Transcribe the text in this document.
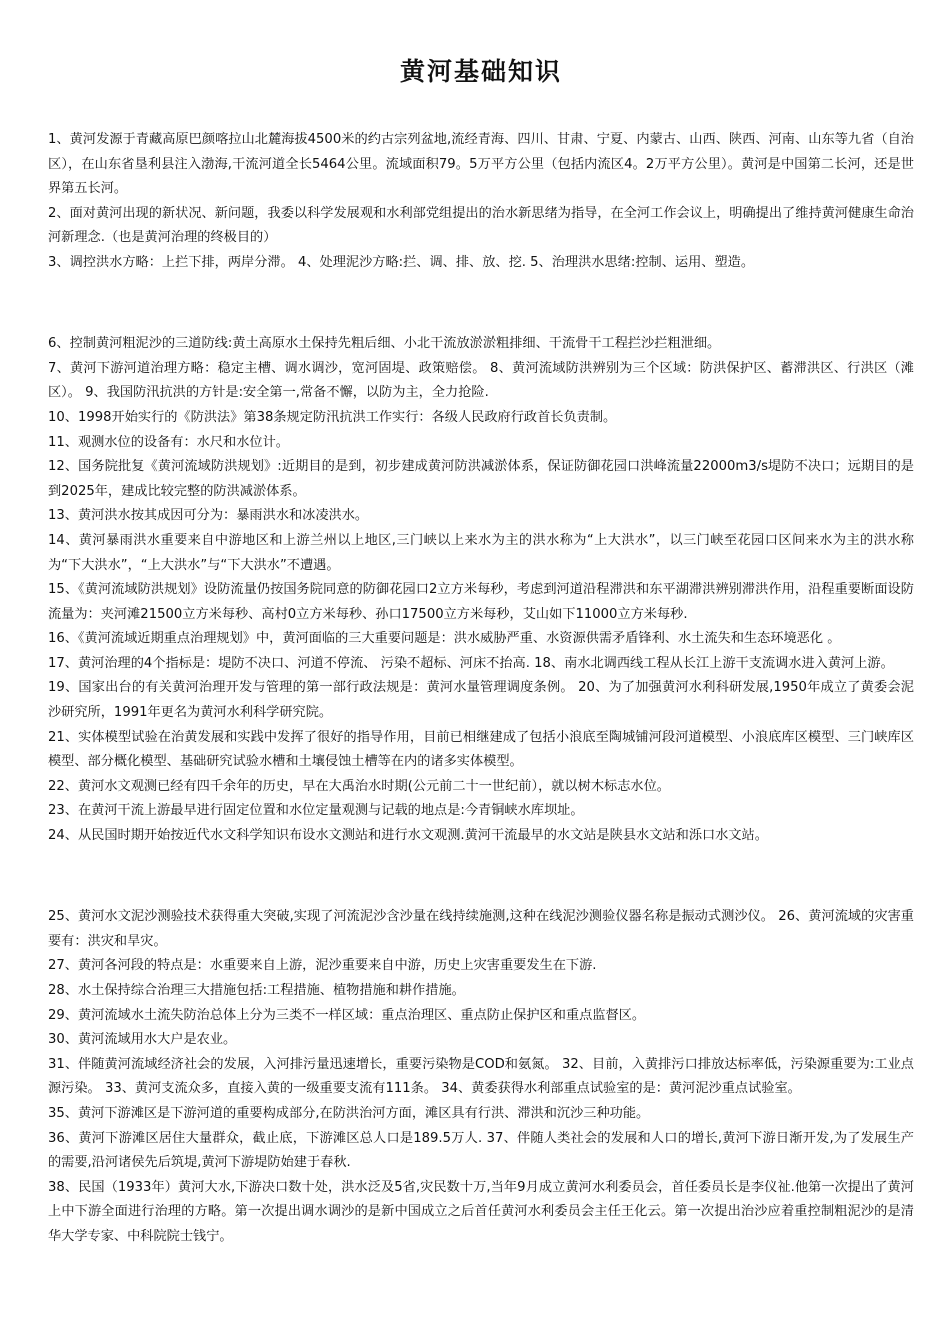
黄河基础知识

1、黄河发源于青藏高原巴颜喀拉山北麓海拔4500米的约古宗列盆地,流经青海、四川、甘肃、宁夏、内蒙古、山西、陕西、河南、山东等九省（自治区），在山东省垦利县注入渤海,干流河道全长5464公里。流域面积79。5万平方公里（包括内流区4。2万平方公里）。黄河是中国第二长河，还是世界第五长河。

2、面对黄河出现的新状况、新问题，我委以科学发展观和水利部党组提出的治水新思绪为指导，在全河工作会议上，明确提出了维持黄河健康生命治河新理念.（也是黄河治理的终极目的）

3、调控洪水方略：上拦下排，两岸分滞。 4、处理泥沙方略:拦、调、排、放、挖. 5、治理洪水思绪:控制、运用、塑造。

6、控制黄河粗泥沙的三道防线:黄土高原水土保持先粗后细、小北干流放淤淤粗排细、干流骨干工程拦沙拦粗泄细。

7、黄河下游河道治理方略：稳定主槽、调水调沙，宽河固堤、政策赔偿。 8、黄河流域防洪辨别为三个区域：防洪保护区、蓄滞洪区、行洪区（滩区）。 9、我国防汛抗洪的方针是:安全第一,常备不懈，以防为主，全力抢险.

10、1998开始实行的《防洪法》第38条规定防汛抗洪工作实行：各级人民政府行政首长负责制。

11、观测水位的设备有：水尺和水位计。

12、国务院批复《黄河流域防洪规划》:近期目的是到，初步建成黄河防洪减淤体系，保证防御花园口洪峰流量22000m3/s堤防不决口；远期目的是到2025年，建成比较完整的防洪减淤体系。

13、黄河洪水按其成因可分为：暴雨洪水和冰凌洪水。

14、黄河暴雨洪水重要来自中游地区和上游兰州以上地区,三门峡以上来水为主的洪水称为“上大洪水”，以三门峡至花园口区间来水为主的洪水称为“下大洪水”，“上大洪水”与“下大洪水”不遭遇。

15、《黄河流域防洪规划》设防流量仍按国务院同意的防御花园口2立方米每秒，考虑到河道沿程滞洪和东平湖滞洪辨别滞洪作用，沿程重要断面设防流量为：夹河滩21500立方米每秒、高村0立方米每秒、孙口17500立方米每秒，艾山如下11000立方米每秒.

16、《黄河流域近期重点治理规划》中，黄河面临的三大重要问题是：洪水威胁严重、水资源供需矛盾锋利、水土流失和生态环境恶化 。

17、黄河治理的4个指标是：堤防不决口、河道不停流、 污染不超标、河床不抬高. 18、南水北调西线工程从长江上游干支流调水进入黄河上游。

19、国家出台的有关黄河治理开发与管理的第一部行政法规是：黄河水量管理调度条例。 20、为了加强黄河水利科研发展,1950年成立了黄委会泥沙研究所，1991年更名为黄河水利科学研究院。

21、实体模型试验在治黄发展和实践中发挥了很好的指导作用，目前已相继建成了包括小浪底至陶城铺河段河道模型、小浪底库区模型、三门峡库区模型、部分概化模型、基础研究试验水槽和土壤侵蚀土槽等在内的诸多实体模型。

22、黄河水文观测已经有四千余年的历史，早在大禹治水时期(公元前二十一世纪前），就以树木标志水位。

23、在黄河干流上游最早进行固定位置和水位定量观测与记载的地点是:今青铜峡水库坝址。

24、从民国时期开始按近代水文科学知识布设水文测站和进行水文观测.黄河干流最早的水文站是陕县水文站和泺口水文站。

25、黄河水文泥沙测验技术获得重大突破,实现了河流泥沙含沙量在线持续施测,这种在线泥沙测验仪器名称是振动式测沙仪。 26、黄河流域的灾害重要有：洪灾和旱灾。

27、黄河各河段的特点是：水重要来自上游，泥沙重要来自中游，历史上灾害重要发生在下游.

28、水土保持综合治理三大措施包括:工程措施、植物措施和耕作措施。

29、黄河流域水土流失防治总体上分为三类不一样区域：重点治理区、重点防止保护区和重点监督区。

30、黄河流域用水大户是农业。

31、伴随黄河流域经济社会的发展，入河排污量迅速增长，重要污染物是COD和氨氮。 32、目前，入黄排污口排放达标率低，污染源重要为:工业点源污染。 33、黄河支流众多，直接入黄的一级重要支流有111条。 34、黄委获得水利部重点试验室的是：黄河泥沙重点试验室。

35、黄河下游滩区是下游河道的重要构成部分,在防洪治河方面，滩区具有行洪、滞洪和沉沙三种功能。

36、黄河下游滩区居住大量群众，截止底，下游滩区总人口是189.5万人. 37、伴随人类社会的发展和人口的增长,黄河下游日渐开发,为了发展生产的需要,沿河诸侯先后筑堤,黄河下游堤防始建于春秋.

38、民国（1933年）黄河大水,下游决口数十处，洪水泛及5省,灾民数十万,当年9月成立黄河水利委员会，首任委员长是李仪祉.他第一次提出了黄河上中下游全面进行治理的方略。第一次提出调水调沙的是新中国成立之后首任黄河水利委员会主任王化云。第一次提出治沙应着重控制粗泥沙的是清华大学专家、中科院院士钱宁。
